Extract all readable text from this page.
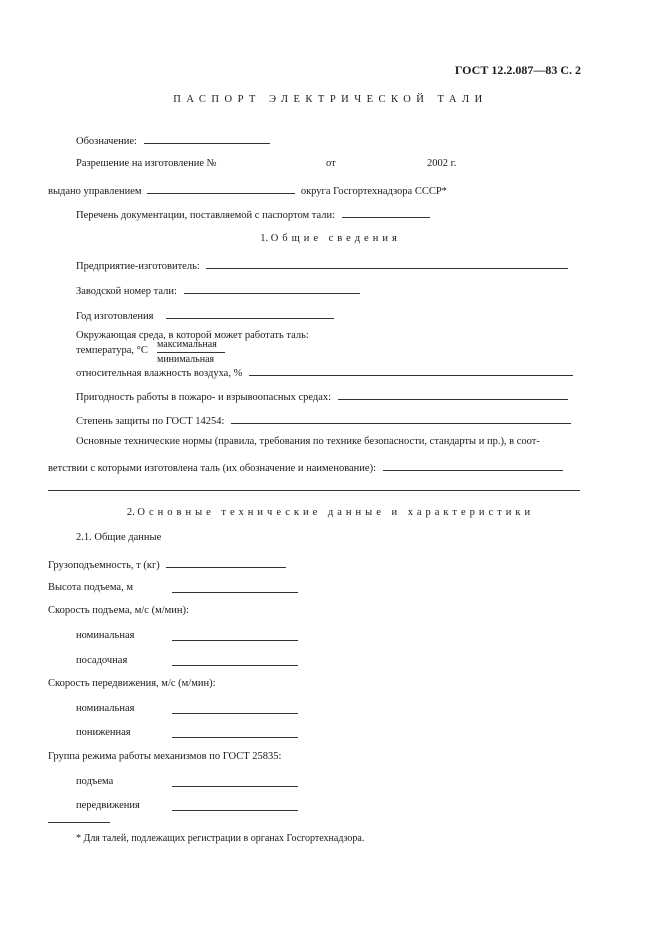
ГОСТ 12.2.087—83 С. 2
ПАСПОРТ ЭЛЕКТРИЧЕСКОЙ ТАЛИ
Обозначение:
Разрешение на изготовление №	от	2002 г.
выдано управлением	округа Госгортехнадзора СССР*
Перечень документации, поставляемой с паспортом тали:
1. Общие сведения
Предприятие-изготовитель:
Заводской номер тали:
Год изготовления
Окружающая среда, в которой может работать таль:
температура, °С
максимальная
минимальная
относительная влажность воздуха, %
Пригодность работы в пожаро- и взрывоопасных средах:
Степень защиты по ГОСТ 14254:
Основные технические нормы (правила, требования по технике безопасности, стандарты и пр.), в соот-
ветствии с которыми изготовлена таль (их обозначение и наименование):
2. Основные технические данные и характеристики
2.1. Общие данные
Грузоподъемность, т (кг)
Высота подъема, м
Скорость подъема, м/с (м/мин):
номинальная
посадочная
Скорость передвижения, м/с (м/мин):
номинальная
пониженная
Группа режима работы механизмов по ГОСТ 25835:
подъема
передвижения
* Для талей, подлежащих регистрации в органах Госгортехнадзора.
